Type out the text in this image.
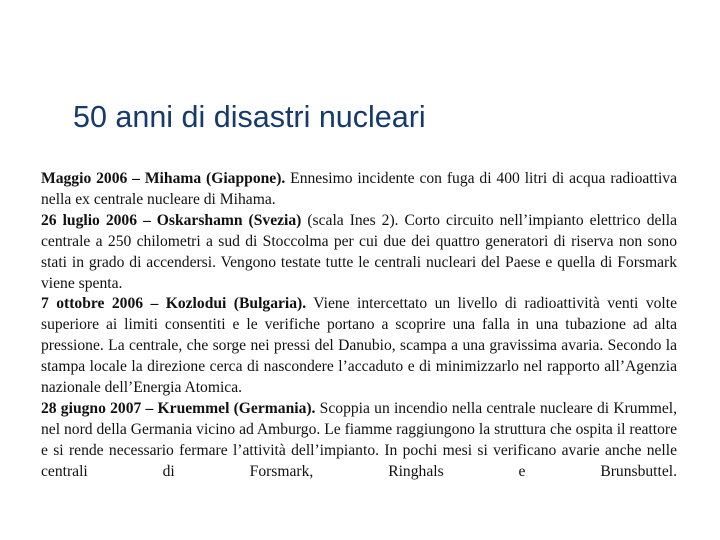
50 anni di disastri nucleari

Maggio 2006 – Mihama (Giappone). Ennesimo incidente con fuga di 400 litri di acqua radioattiva nella ex centrale nucleare di Mihama.

26 luglio 2006 – Oskarshamn (Svezia) (scala Ines 2). Corto circuito nell’impianto elettrico della centrale a 250 chilometri a sud di Stoccolma per cui due dei quattro generatori di riserva non sono stati in grado di accendersi. Vengono testate tutte le centrali nucleari del Paese e quella di Forsmark viene spenta.

7 ottobre 2006 – Kozlodui (Bulgaria). Viene intercettato un livello di radioattività venti volte superiore ai limiti consentiti e le verifiche portano a scoprire una falla in una tubazione ad alta pressione. La centrale, che sorge nei pressi del Danubio, scampa a una gravissima avaria. Secondo la stampa locale la direzione cerca di nascondere l’accaduto e di minimizzarlo nel rapporto all’Agenzia nazionale dell’Energia Atomica.

28 giugno 2007 – Kruemmel (Germania). Scoppia un incendio nella centrale nucleare di Krummel, nel nord della Germania vicino ad Amburgo. Le fiamme raggiungono la struttura che ospita il reattore e si rende necessario fermare l’attività dell’impianto. In pochi mesi si verificano avarie anche nelle centrali di Forsmark, Ringhals e Brunsbuttel.
